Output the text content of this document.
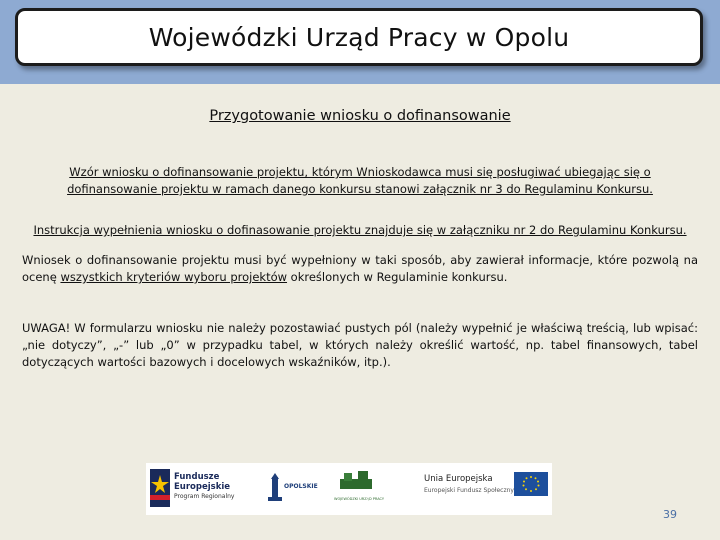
Wojewódzki Urząd Pracy w Opolu
Przygotowanie wniosku o dofinansowanie
Wzór wniosku o dofinansowanie projektu, którym Wnioskodawca musi się posługiwać ubiegając się o dofinansowanie projektu w ramach danego konkursu stanowi załącznik nr 3 do Regulaminu Konkursu.
Instrukcja wypełnienia wniosku o dofinasowanie projektu znajduje się w załączniku nr 2 do Regulaminu Konkursu.
Wniosek o dofinansowanie projektu musi być wypełniony w taki sposób, aby zawierał informacje, które pozwolą na ocenę wszystkich kryteriów wyboru projektów określonych w Regulaminie konkursu.
UWAGA! W formularzu wniosku nie należy pozostawiać pustych pól (należy wypełnić je właściwą treścią, lub wpisać: „nie dotyczy”, „-” lub „0” w przypadku tabel, w których należy określić wartość, np. tabel finansowych, tabel dotyczących wartości bazowych i docelowych wskaźników, itp.).
Fundusze
Europejskie
Program Regionalny
OPOLSKIE
WOJEWÓDZKI URZĄD PRACY
Unia Europejska
Europejski Fundusz Społeczny
39
